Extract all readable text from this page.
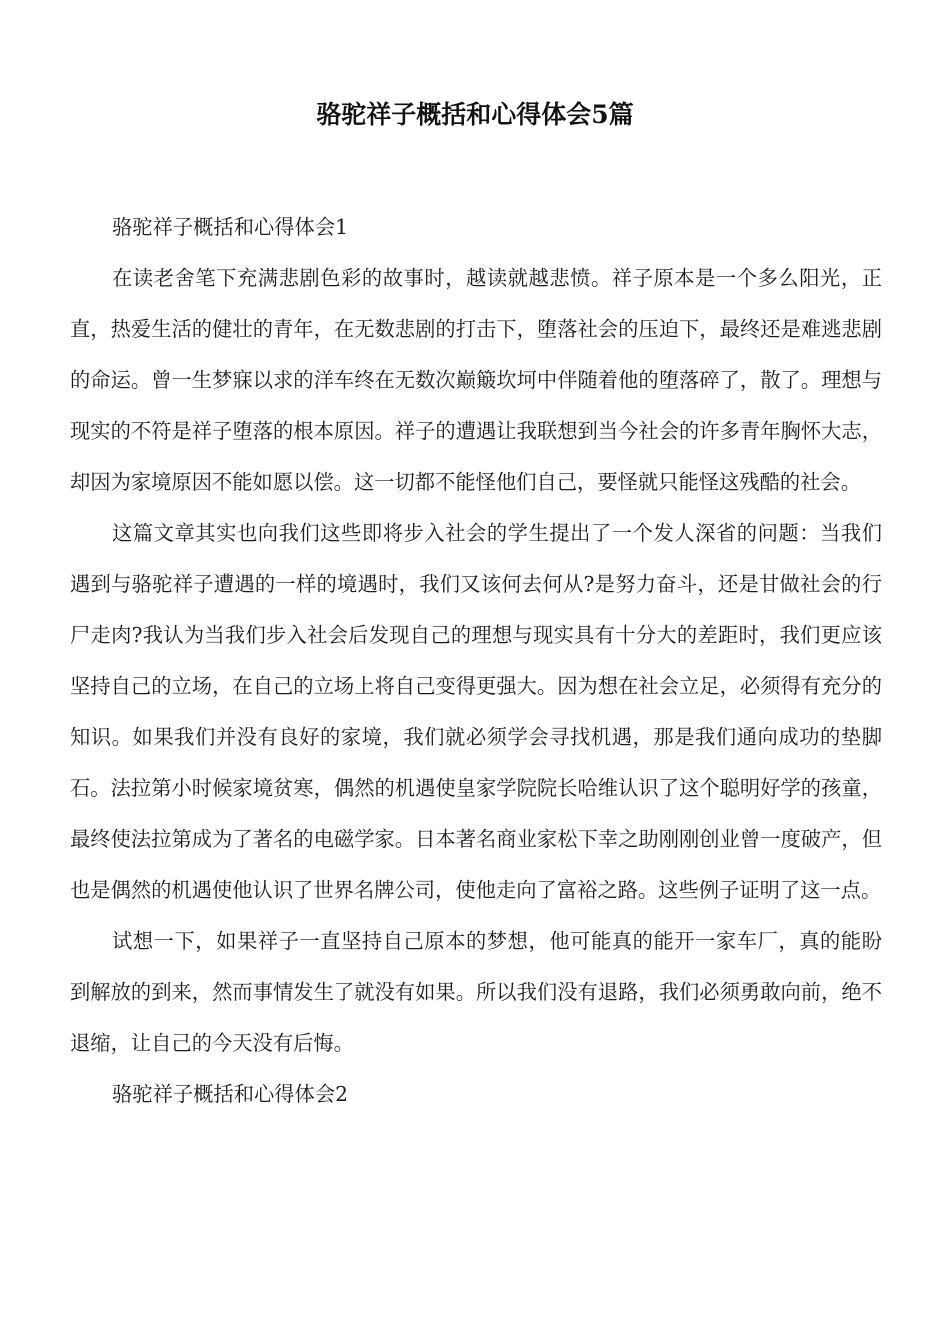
骆驼祥子概括和心得体会5篇

骆驼祥子概括和心得体会1

在读老舍笔下充满悲剧色彩的故事时，越读就越悲愤。祥子原本是一个多么阳光，正直，热爱生活的健壮的青年，在无数悲剧的打击下，堕落社会的压迫下，最终还是难逃悲剧的命运。曾一生梦寐以求的洋车终在无数次巅簸坎坷中伴随着他的堕落碎了，散了。理想与现实的不符是祥子堕落的根本原因。祥子的遭遇让我联想到当今社会的许多青年胸怀大志，却因为家境原因不能如愿以偿。这一切都不能怪他们自己，要怪就只能怪这残酷的社会。

这篇文章其实也向我们这些即将步入社会的学生提出了一个发人深省的问题：当我们遇到与骆驼祥子遭遇的一样的境遇时，我们又该何去何从?是努力奋斗，还是甘做社会的行尸走肉?我认为当我们步入社会后发现自己的理想与现实具有十分大的差距时，我们更应该坚持自己的立场，在自己的立场上将自己变得更强大。因为想在社会立足，必须得有充分的知识。如果我们并没有良好的家境，我们就必须学会寻找机遇，那是我们通向成功的垫脚石。法拉第小时候家境贫寒，偶然的机遇使皇家学院院长哈维认识了这个聪明好学的孩童，最终使法拉第成为了著名的电磁学家。日本著名商业家松下幸之助刚刚创业曾一度破产，但也是偶然的机遇使他认识了世界名牌公司，使他走向了富裕之路。这些例子证明了这一点。

试想一下，如果祥子一直坚持自己原本的梦想，他可能真的能开一家车厂，真的能盼到解放的到来，然而事情发生了就没有如果。所以我们没有退路，我们必须勇敢向前，绝不退缩，让自己的今天没有后悔。

骆驼祥子概括和心得体会2
